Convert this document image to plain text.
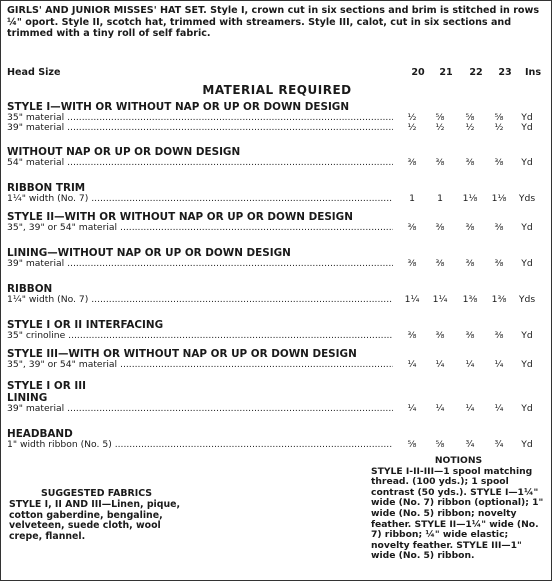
GIRLS' AND JUNIOR MISSES' HAT SET. Style I, crown cut in six sections and brim is stitched in rows ¼" oport. Style II, scotch hat, trimmed with streamers. Style III, calot, cut in six sections and trimmed with a tiny roll of self fabric.
Head Size	20	21	22	23	Ins
MATERIAL REQUIRED
STYLE I—WITH OR WITHOUT NAP OR UP OR DOWN DESIGN
35" material .....	½	⅝	⅝	⅝	Yd
39" material .....	½	½	½	½	Yd
WITHOUT NAP OR UP OR DOWN DESIGN
54" material .....	⅜	⅜	⅜	⅜	Yd
RIBBON TRIM
1¼" width (No. 7) .....	1	1	1⅛	1⅛	Yds
STYLE II—WITH OR WITHOUT NAP OR UP OR DOWN DESIGN
35", 39" or 54" material .....	⅜	⅜	⅜	⅜	Yd
LINING—WITHOUT NAP OR UP OR DOWN DESIGN
39" material .....	⅜	⅜	⅜	⅜	Yd
RIBBON
1¼" width (No. 7) .....	1¼	1¼	1⅜	1⅜	Yds
STYLE I OR II INTERFACING
35" crinoline .....	⅜	⅜	⅜	⅜	Yd
STYLE III—WITH OR WITHOUT NAP OR UP OR DOWN DESIGN
35", 39" or 54" material .....	¼	¼	¼	¼	Yd
STYLE I OR III
LINING
39" material .....	¼	¼	¼	¼	Yd
HEADBAND
1" width ribbon (No. 5) .....	⅝	⅝	¾	¾	Yd
SUGGESTED FABRICS
STYLE I, II AND III—Linen, pique, cotton gaberdine, bengaline, velveteen, suede cloth, wool crepe, flannel.
NOTIONS
STYLE I-II-III—1 spool matching thread. (100 yds.); 1 spool contrast (50 yds.). STYLE I—1¼" wide (No. 7) ribbon (optional); 1" wide (No. 5) ribbon; novelty feather. STYLE II—1¼" wide (No. 7) ribbon; ¼" wide elastic; novelty feather. STYLE III—1" wide (No. 5) ribbon.
